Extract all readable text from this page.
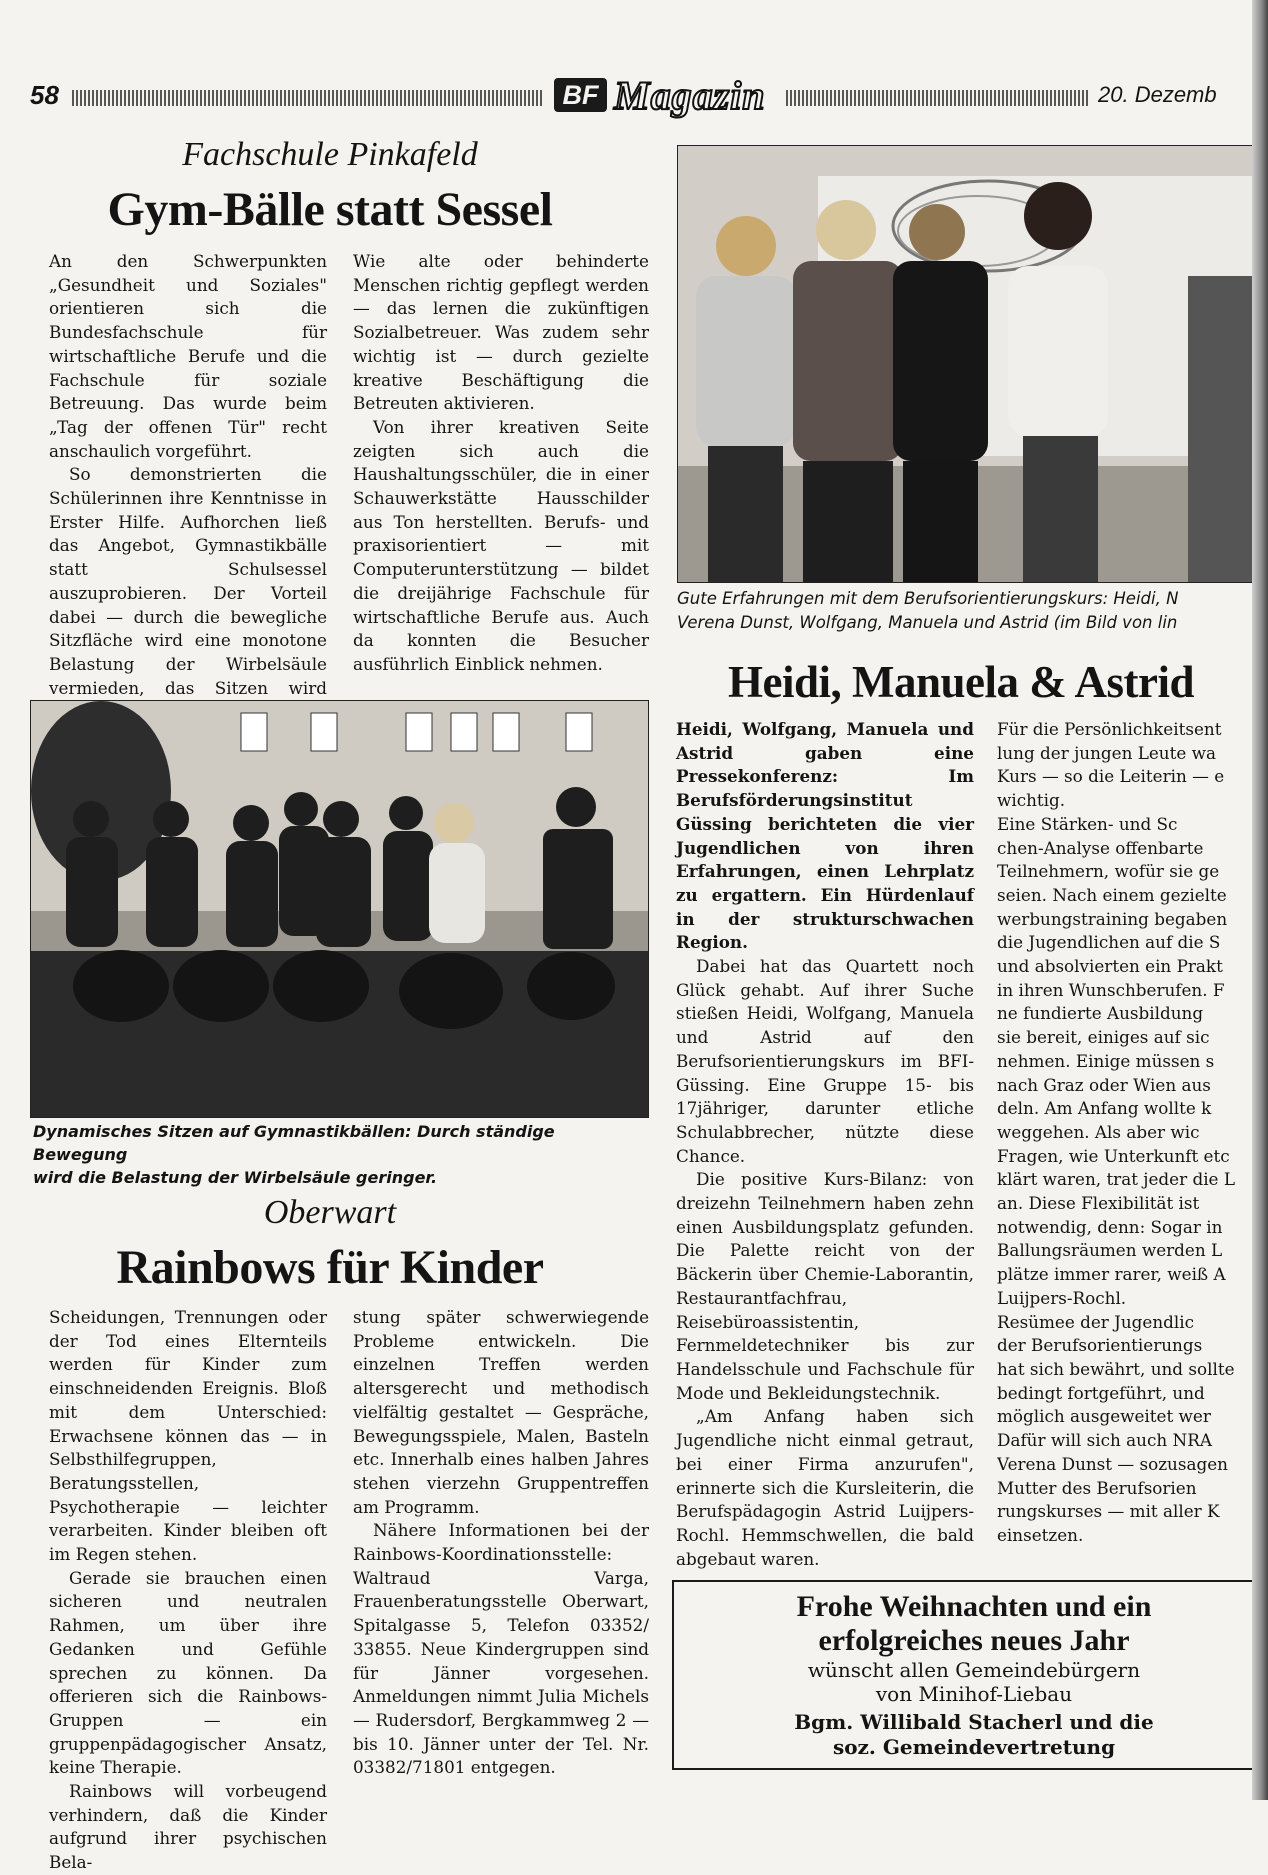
58	BF Magazin	20. Dezemb
Fachschule Pinkafeld
Gym-Bälle statt Sessel

An den Schwerpunkten „Gesundheit und Soziales" orientieren sich die Bundesfachschule für wirtschaftliche Berufe und die Fachschule für soziale Betreuung. Das wurde beim „Tag der offenen Tür" recht anschaulich vorgeführt.

So demonstrierten die Schülerinnen ihre Kenntnisse in Erster Hilfe. Aufhorchen ließ das Angebot, Gymnastikbälle statt Schulsessel auszuprobieren. Der Vorteil dabei — durch die bewegliche Sitzfläche wird eine monotone Belastung der Wirbelsäule vermieden, das Sitzen wird

Wie alte oder behinderte Menschen richtig gepflegt werden — das lernen die zukünftigen Sozialbetreuer. Was zudem sehr wichtig ist — durch gezielte kreative Beschäftigung die Betreuten aktivieren.

Von ihrer kreativen Seite zeigten sich auch die Haushaltungsschüler, die in einer Schauwerkstätte Hausschilder aus Ton herstellten. Berufs- und praxisorientiert — mit Computerunterstützung — bildet die dreijährige Fachschule für wirtschaftliche Berufe aus. Auch da konnten die Besucher ausführlich Einblick nehmen.

Dynamisches Sitzen auf Gymnastikbällen: Durch ständige Bewegung
wird die Belastung der Wirbelsäule geringer.
Oberwart
Rainbows für Kinder

Scheidungen, Trennungen oder der Tod eines Elternteils werden für Kinder zum einschneidenden Ereignis. Bloß mit dem Unterschied: Erwachsene können das — in Selbsthilfegruppen, Beratungsstellen, Psychotherapie — leichter verarbeiten. Kinder bleiben oft im Regen stehen.

Gerade sie brauchen einen sicheren und neutralen Rahmen, um über ihre Gedanken und Gefühle sprechen zu können. Da offerieren sich die Rainbows-Gruppen — ein gruppenpädagogischer Ansatz, keine Therapie.

Rainbows will vorbeugend verhindern, daß die Kinder aufgrund ihrer psychischen Bela-

stung später schwerwiegende Probleme entwickeln. Die einzelnen Treffen werden altersgerecht und methodisch vielfältig gestaltet — Gespräche, Bewegungsspiele, Malen, Basteln etc. Innerhalb eines halben Jahres stehen vierzehn Gruppentreffen am Programm.

Nähere Informationen bei der Rainbows-Koordinationsstelle: Waltraud Varga, Frauenberatungsstelle Oberwart, Spitalgasse 5, Telefon 03352/ 33855. Neue Kindergruppen sind für Jänner vorgesehen. Anmeldungen nimmt Julia Michels — Rudersdorf, Bergkammweg 2 — bis 10. Jänner unter der Tel. Nr. 03382/71801 entgegen.

Gute Erfahrungen mit dem Berufsorientierungskurs: Heidi, N
Verena Dunst, Wolfgang, Manuela und Astrid (im Bild von lin
Heidi, Manuela & Astrid

Heidi, Wolfgang, Manuela und Astrid gaben eine Pressekonferenz: Im Berufsförderungsinstitut Güssing berichteten die vier Jugendlichen von ihren Erfahrungen, einen Lehrplatz zu ergattern. Ein Hürdenlauf in der strukturschwachen Region.

Dabei hat das Quartett noch Glück gehabt. Auf ihrer Suche stießen Heidi, Wolfgang, Manuela und Astrid auf den Berufsorientierungskurs im BFI-Güssing. Eine Gruppe 15- bis 17jähriger, darunter etliche Schulabbrecher, nützte diese Chance.

Die positive Kurs-Bilanz: von dreizehn Teilnehmern haben zehn einen Ausbildungsplatz gefunden. Die Palette reicht von der Bäckerin über Chemie-Laborantin, Restaurantfachfrau, Reisebüroassistentin, Fernmeldetechniker bis zur Handelsschule und Fachschule für Mode und Bekleidungstechnik.

„Am Anfang haben sich Jugendliche nicht einmal getraut, bei einer Firma anzurufen", erinnerte sich die Kursleiterin, die Berufspädagogin Astrid Luijpers-Rochl. Hemmschwellen, die bald abgebaut waren.

Für die Persönlichkeitsent
lung der jungen Leute wa
Kurs — so die Leiterin — e
wichtig.
Eine Stärken- und Sc
chen-Analyse offenbarte
Teilnehmern, wofür sie ge
seien. Nach einem gezielte
werbungstraining begaben
die Jugendlichen auf die S
und absolvierten ein Prakt
in ihren Wunschberufen. F
ne fundierte Ausbildung
sie bereit, einiges auf sic
nehmen. Einige müssen s
nach Graz oder Wien aus
deln. Am Anfang wollte k
weggehen. Als aber wic
Fragen, wie Unterkunft etc
klärt waren, trat jeder die L
an. Diese Flexibilität ist
notwendig, denn: Sogar in
Ballungsräumen werden L
plätze immer rarer, weiß A
Luijpers-Rochl.
Resümee der Jugendlic
der Berufsorientierungs
hat sich bewährt, und sollte
bedingt fortgeführt, und
möglich ausgeweitet wer
Dafür will sich auch NRA
Verena Dunst — sozusagen
Mutter des Berufsorien
rungskurses — mit aller K
einsetzen.
Frohe Weihnachten und ein
erfolgreiches neues Jahr
wünscht allen Gemeindebürgern
von Minihof-Liebau
Bgm. Willibald Stacherl und die
soz. Gemeindevertretung
